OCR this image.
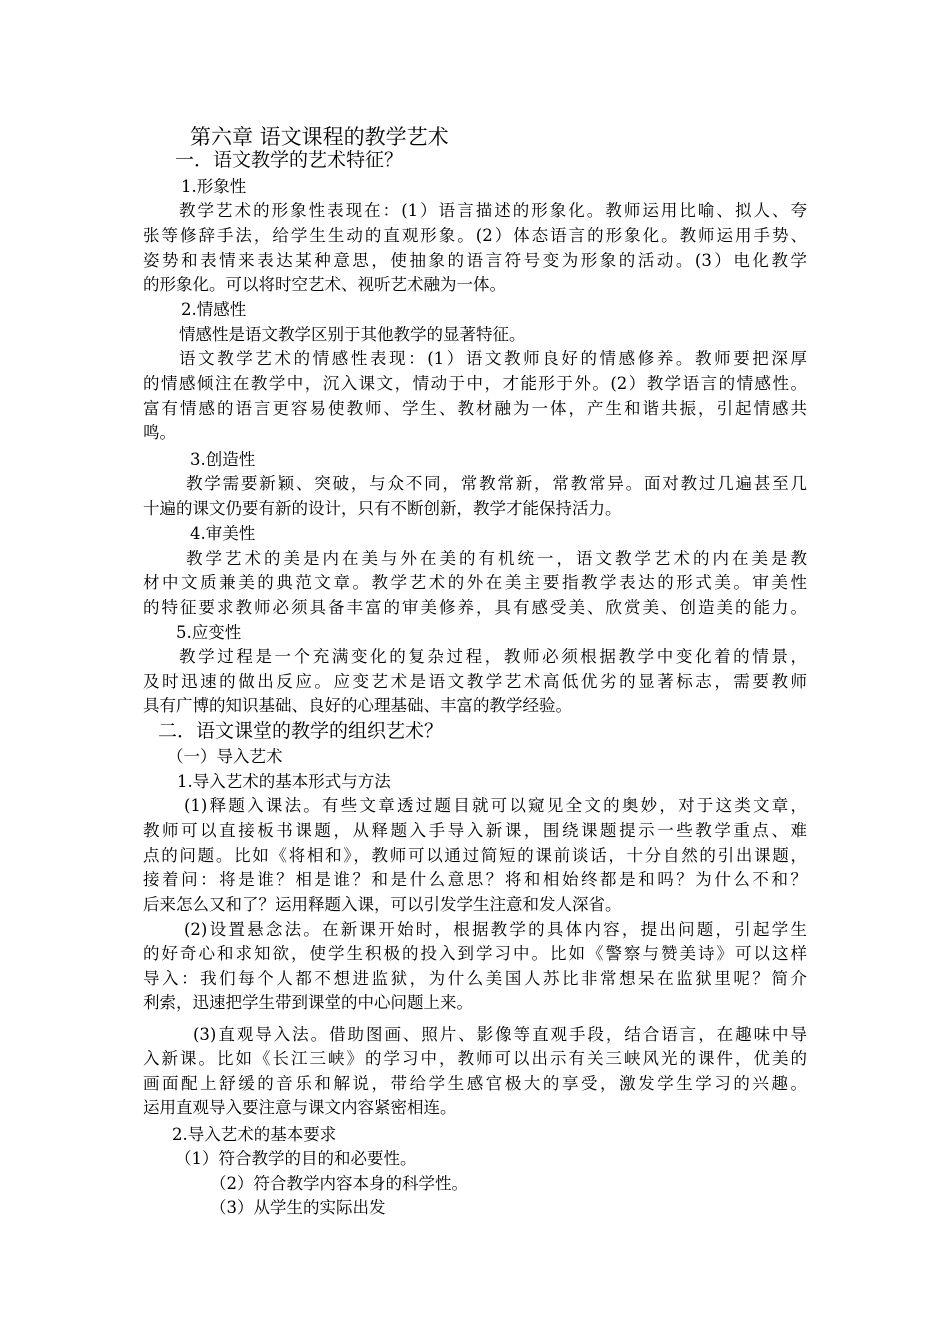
第六章 语文课程的教学艺术
一．语文教学的艺术特征？
1.形象性
教学艺术的形象性表现在：(1）语言描述的形象化。教师运用比喻、拟人、夸
张等修辞手法，给学生生动的直观形象。(2）体态语言的形象化。教师运用手势、
姿势和表情来表达某种意思，使抽象的语言符号变为形象的活动。(3）电化教学
的形象化。可以将时空艺术、视听艺术融为一体。
2.情感性
情感性是语文教学区别于其他教学的显著特征。
语文教学艺术的情感性表现：(1）语文教师良好的情感修养。教师要把深厚
的情感倾注在教学中，沉入课文，情动于中，才能形于外。(2）教学语言的情感性。
富有情感的语言更容易使教师、学生、教材融为一体，产生和谐共振，引起情感共
鸣。
3.创造性
教学需要新颖、突破，与众不同，常教常新，常教常异。面对教过几遍甚至几
十遍的课文仍要有新的设计，只有不断创新，教学才能保持活力。
4.审美性
教学艺术的美是内在美与外在美的有机统一，语文教学艺术的内在美是教
材中文质兼美的典范文章。教学艺术的外在美主要指教学表达的形式美。审美性
的特征要求教师必须具备丰富的审美修养，具有感受美、欣赏美、创造美的能力。
5.应变性
教学过程是一个充满变化的复杂过程，教师必须根据教学中变化着的情景，
及时迅速的做出反应。应变艺术是语文教学艺术高低优劣的显著标志，需要教师
具有广博的知识基础、良好的心理基础、丰富的教学经验。
二．语文课堂的教学的组织艺术？
（一）导入艺术
1.导入艺术的基本形式与方法
(1)释题入课法。有些文章透过题目就可以窥见全文的奥妙，对于这类文章，
教师可以直接板书课题，从释题入手导入新课，围绕课题提示一些教学重点、难
点的问题。比如《将相和》，教师可以通过简短的课前谈话，十分自然的引出课题，
接着问：将是谁？相是谁？和是什么意思？将和相始终都是和吗？为什么不和？
后来怎么又和了？运用释题入课，可以引发学生注意和发人深省。
(2)设置悬念法。在新课开始时，根据教学的具体内容，提出问题，引起学生
的好奇心和求知欲，使学生积极的投入到学习中。比如《警察与赞美诗》可以这样
导入：我们每个人都不想进监狱，为什么美国人苏比非常想呆在监狱里呢？简介
利索，迅速把学生带到课堂的中心问题上来。
(3)直观导入法。借助图画、照片、影像等直观手段，结合语言，在趣味中导
入新课。比如《长江三峡》的学习中，教师可以出示有关三峡风光的课件，优美的
画面配上舒缓的音乐和解说，带给学生感官极大的享受，激发学生学习的兴趣。
运用直观导入要注意与课文内容紧密相连。
2.导入艺术的基本要求
（1）符合教学的目的和必要性。
（2）符合教学内容本身的科学性。
（3）从学生的实际出发
